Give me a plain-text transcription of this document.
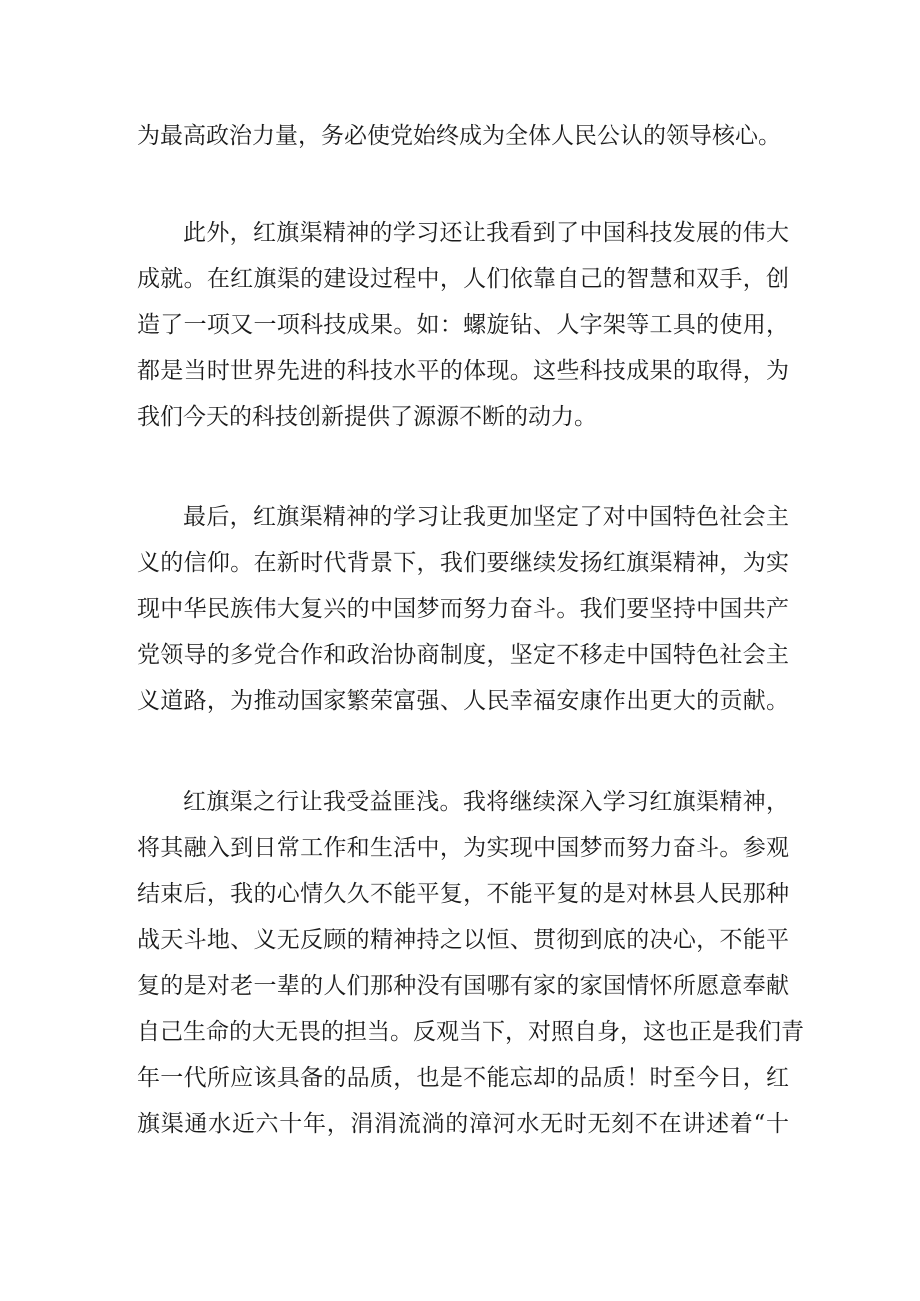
为最高政治力量，务必使党始终成为全体人民公认的领导核心。

此外，红旗渠精神的学习还让我看到了中国科技发展的伟大

成就。在红旗渠的建设过程中，人们依靠自己的智慧和双手，创

造了一项又一项科技成果。如：螺旋钻、人字架等工具的使用，

都是当时世界先进的科技水平的体现。这些科技成果的取得，为

我们今天的科技创新提供了源源不断的动力。

最后，红旗渠精神的学习让我更加坚定了对中国特色社会主

义的信仰。在新时代背景下，我们要继续发扬红旗渠精神，为实

现中华民族伟大复兴的中国梦而努力奋斗。我们要坚持中国共产

党领导的多党合作和政治协商制度，坚定不移走中国特色社会主

义道路，为推动国家繁荣富强、人民幸福安康作出更大的贡献。

红旗渠之行让我受益匪浅。我将继续深入学习红旗渠精神，

将其融入到日常工作和生活中，为实现中国梦而努力奋斗。参观

结束后，我的心情久久不能平复，不能平复的是对林县人民那种

战天斗地、义无反顾的精神持之以恒、贯彻到底的决心，不能平

复的是对老一辈的人们那种没有国哪有家的家国情怀所愿意奉献

自己生命的大无畏的担当。反观当下，对照自身，这也正是我们青

年一代所应该具备的品质，也是不能忘却的品质！时至今日，红

旗渠通水近六十年，涓涓流淌的漳河水无时无刻不在讲述着“十
